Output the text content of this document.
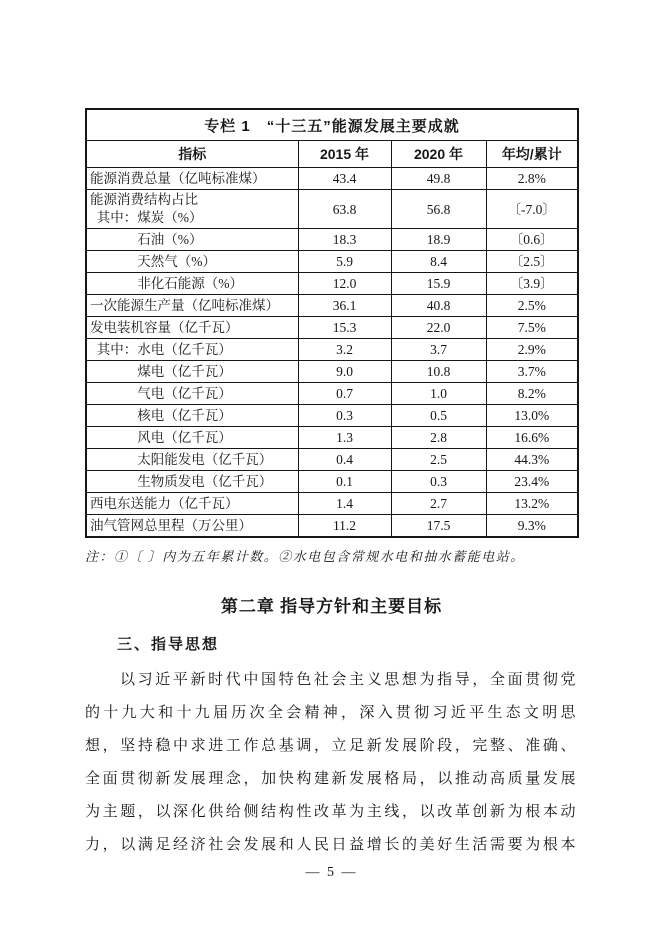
专栏 1　“十三五”能源发展主要成就			
指标	2015 年	2020 年	年均/累计

能源消费总量（亿吨标准煤）	43.4	49.8	2.8%

能源消费结构占比
其中：煤炭（%）	63.8	56.8	〔-7.0〕

石油（%）	18.3	18.9	〔0.6〕

天然气（%）	5.9	8.4	〔2.5〕

非化石能源（%）	12.0	15.9	〔3.9〕

一次能源生产量（亿吨标准煤）	36.1	40.8	2.5%

发电装机容量（亿千瓦）	15.3	22.0	7.5%

其中：水电（亿千瓦）	3.2	3.7	2.9%

煤电（亿千瓦）	9.0	10.8	3.7%

气电（亿千瓦）	0.7	1.0	8.2%

核电（亿千瓦）	0.3	0.5	13.0%

风电（亿千瓦）	1.3	2.8	16.6%

太阳能发电（亿千瓦）	0.4	2.5	44.3%

生物质发电（亿千瓦）	0.1	0.3	23.4%

西电东送能力（亿千瓦）	1.4	2.7	13.2%

油气管网总里程（万公里）	11.2	17.5	9.3%
注：①〔 〕内为五年累计数。②水电包含常规水电和抽水蓄能电站。
第二章 指导方针和主要目标
三、指导思想
以习近平新时代中国特色社会主义思想为指导，全面贯彻党
的十九大和十九届历次全会精神，深入贯彻习近平生态文明思
想，坚持稳中求进工作总基调，立足新发展阶段，完整、准确、
全面贯彻新发展理念，加快构建新发展格局，以推动高质量发展
为主题，以深化供给侧结构性改革为主线，以改革创新为根本动
力，以满足经济社会发展和人民日益增长的美好生活需要为根本
— 5 —
